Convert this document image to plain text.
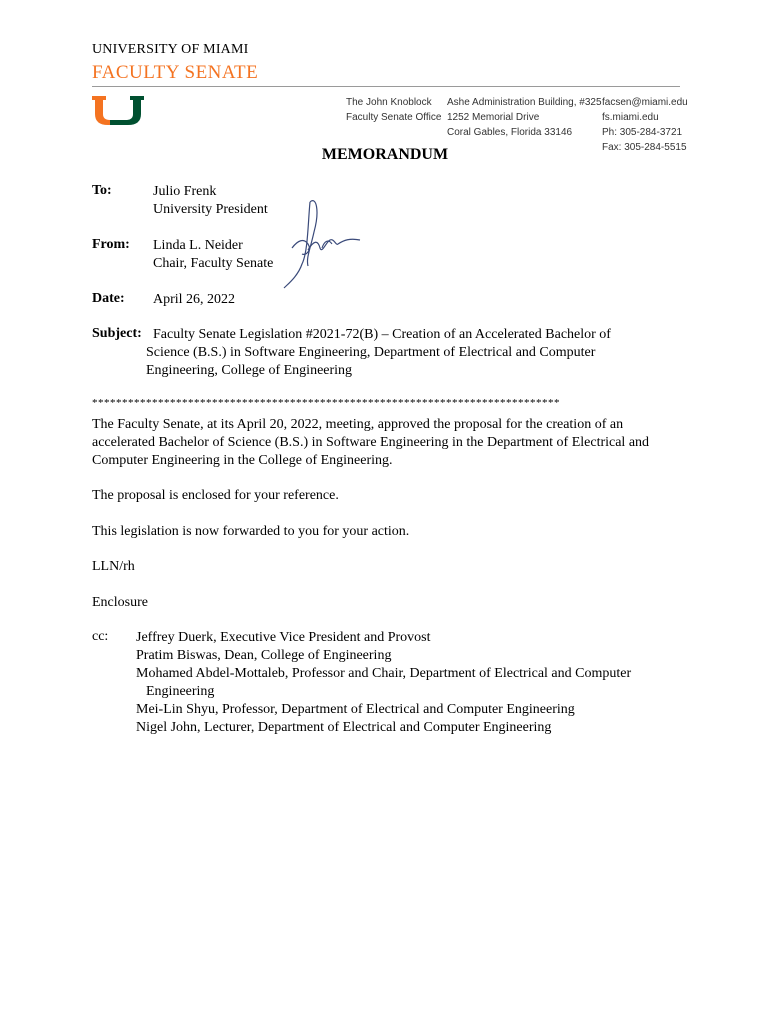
UNIVERSITY OF MIAMI
FACULTY SENATE
The John Knoblock
Faculty Senate Office
Ashe Administration Building, #325
1252 Memorial Drive
Coral Gables, Florida 33146
facsen@miami.edu
fs.miami.edu
Ph: 305-284-3721
Fax: 305-284-5515
MEMORANDUM
To:	Julio Frenk
University President
From: Linda L. Neider
Chair, Faculty Senate
Date: April 26, 2022
Subject: Faculty Senate Legislation #2021-72(B) – Creation of an Accelerated Bachelor of
Science (B.S.) in Software Engineering, Department of Electrical and Computer
Engineering, College of Engineering
******************************************************************************
The Faculty Senate, at its April 20, 2022, meeting, approved the proposal for the creation of an accelerated Bachelor of Science (B.S.) in Software Engineering in the Department of Electrical and Computer Engineering in the College of Engineering.
The proposal is enclosed for your reference.
This legislation is now forwarded to you for your action.
LLN/rh
Enclosure
cc: Jeffrey Duerk, Executive Vice President and Provost
Pratim Biswas, Dean, College of Engineering
Mohamed Abdel-Mottaleb, Professor and Chair, Department of Electrical and Computer
Engineering
Mei-Lin Shyu, Professor, Department of Electrical and Computer Engineering
Nigel John, Lecturer, Department of Electrical and Computer Engineering
